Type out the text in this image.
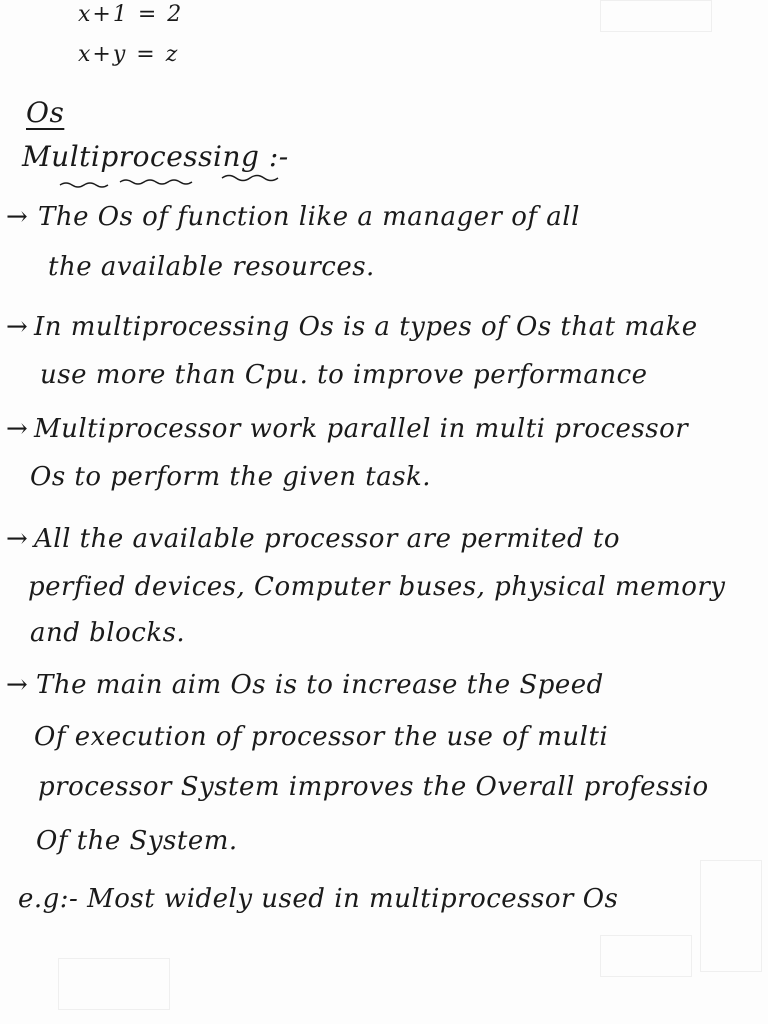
x+1 = 2
x+y = z
Os
Multiprocessing :-
→ The Os of function like a manager of all
the available resources.
→ In multiprocessing Os is a types of Os that make
use more than Cpu. to improve performance
→ Multiprocessor work parallel in multi processor
Os to perform the given task.
→ All the available processor are permited to
perfied devices, Computer buses, physical memory
and blocks.
→ The main aim Os is to increase the Speed
Of execution of processor the use of multi
processor System improves the Overall professio
Of the System.
e.g:- Most widely used in multiprocessor Os
